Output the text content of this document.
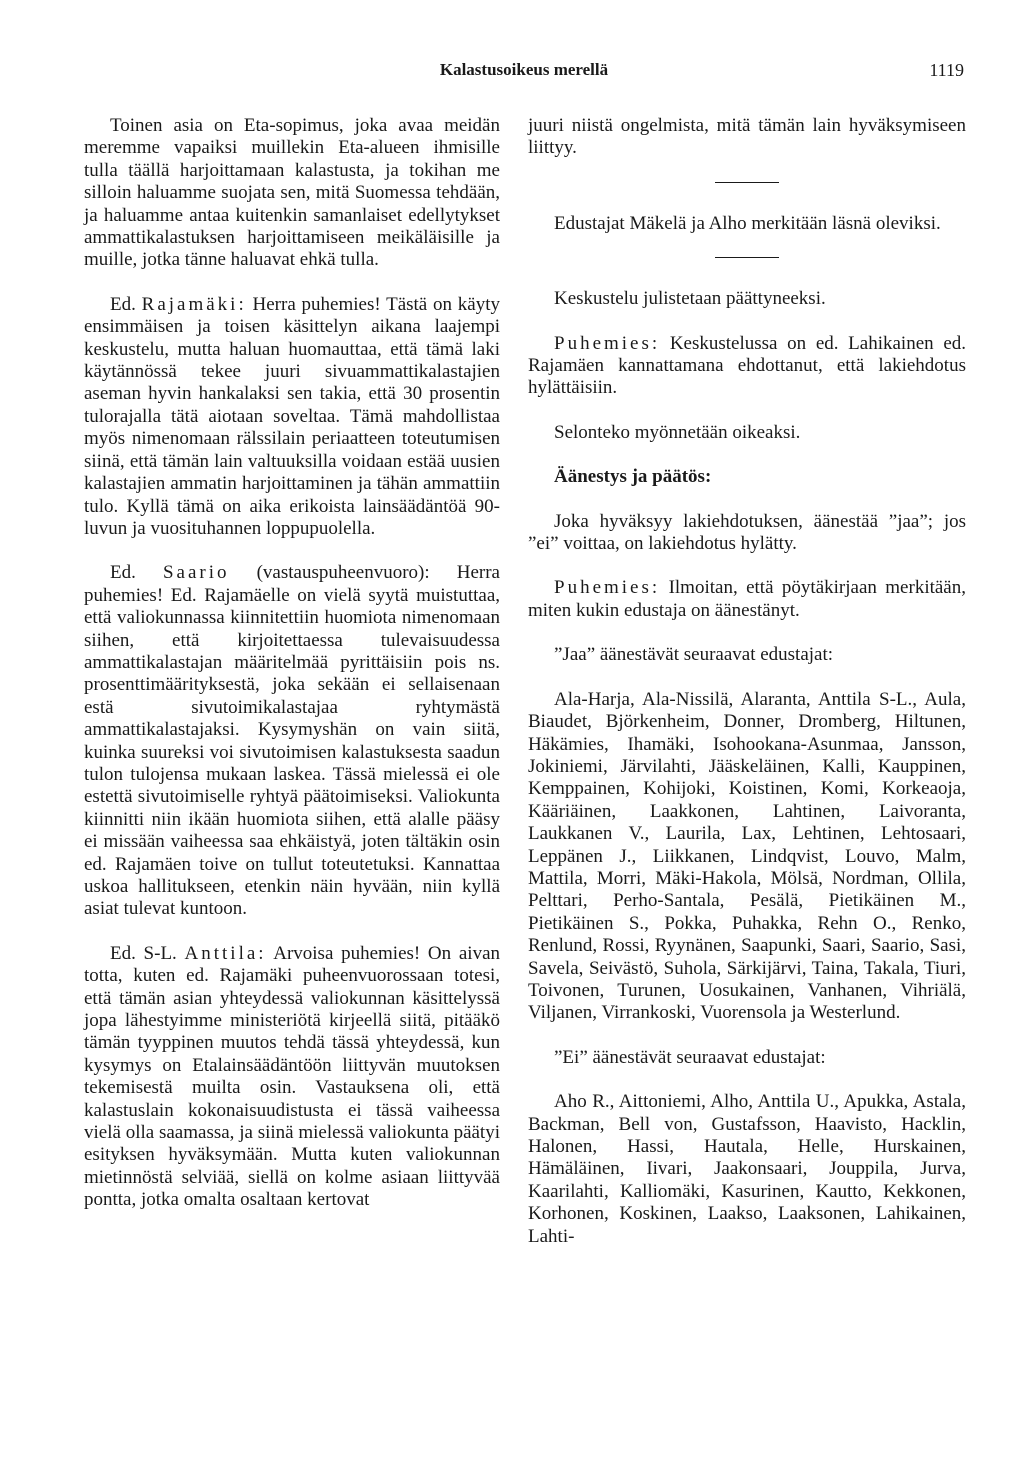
Kalastusoikeus merellä	1119

Toinen asia on Eta-sopimus, joka avaa meidän meremme vapaiksi muillekin Eta-alueen ihmisille tulla täällä harjoittamaan kalastusta, ja tokihan me silloin haluamme suojata sen, mitä Suomessa tehdään, ja haluamme antaa kuitenkin samanlaiset edellytykset ammattikalastuksen harjoittamiseen meikäläisille ja muille, jotka tänne haluavat ehkä tulla.

Ed. Rajamäki: Herra puhemies! Tästä on käyty ensimmäisen ja toisen käsittelyn aikana laajempi keskustelu, mutta haluan huomauttaa, että tämä laki käytännössä tekee juuri sivuammattikalastajien aseman hyvin hankalaksi sen takia, että 30 prosentin tulorajalla tätä aiotaan soveltaa. Tämä mahdollistaa myös nimenomaan rälssilain periaatteen toteutumisen siinä, että tämän lain valtuuksilla voidaan estää uusien kalastajien ammatin harjoittaminen ja tähän ammattiin tulo. Kyllä tämä on aika erikoista lainsäädäntöä 90-luvun ja vuosituhannen loppupuolella.

Ed. Saario (vastauspuheenvuoro): Herra puhemies! Ed. Rajamäelle on vielä syytä muistuttaa, että valiokunnassa kiinnitettiin huomiota nimenomaan siihen, että kirjoitettaessa tulevaisuudessa ammattikalastajan määritelmää pyrittäisiin pois ns. prosenttimäärityksestä, joka sekään ei sellaisenaan estä sivutoimikalastajaa ryhtymästä ammattikalastajaksi. Kysymyshän on vain siitä, kuinka suureksi voi sivutoimisen kalastuksesta saadun tulon tulojensa mukaan laskea. Tässä mielessä ei ole estettä sivutoimiselle ryhtyä päätoimiseksi. Valiokunta kiinnitti niin ikään huomiota siihen, että alalle pääsy ei missään vaiheessa saa ehkäistyä, joten tältäkin osin ed. Rajamäen toive on tullut toteutetuksi. Kannattaa uskoa hallitukseen, etenkin näin hyvään, niin kyllä asiat tulevat kuntoon.

Ed. S-L. Anttila: Arvoisa puhemies! On aivan totta, kuten ed. Rajamäki puheenvuorossaan totesi, että tämän asian yhteydessä valiokunnan käsittelyssä jopa lähestyimme ministeriötä kirjeellä siitä, pitääkö tämän tyyppinen muutos tehdä tässä yhteydessä, kun kysymys on Etalainsäädäntöön liittyvän muutoksen tekemisestä muilta osin. Vastauksena oli, että kalastuslain kokonaisuudistusta ei tässä vaiheessa vielä olla saamassa, ja siinä mielessä valiokunta päätyi esityksen hyväksymään. Mutta kuten valiokunnan mietinnöstä selviää, siellä on kolme asiaan liittyvää pontta, jotka omalta osaltaan kertovat

juuri niistä ongelmista, mitä tämän lain hyväksymiseen liittyy.

Edustajat Mäkelä ja Alho merkitään läsnä oleviksi.

Keskustelu julistetaan päättyneeksi.

Puhemies: Keskustelussa on ed. Lahikainen ed. Rajamäen kannattamana ehdottanut, että lakiehdotus hylättäisiin.

Selonteko myönnetään oikeaksi.

Äänestys ja päätös:

Joka hyväksyy lakiehdotuksen, äänestää ”jaa”; jos ”ei” voittaa, on lakiehdotus hylätty.

Puhemies: Ilmoitan, että pöytäkirjaan merkitään, miten kukin edustaja on äänestänyt.

”Jaa” äänestävät seuraavat edustajat:

Ala-Harja, Ala-Nissilä, Alaranta, Anttila S-L., Aula, Biaudet, Björkenheim, Donner, Dromberg, Hiltunen, Häkämies, Ihamäki, Isohookana-Asunmaa, Jansson, Jokiniemi, Järvilahti, Jääskeläinen, Kalli, Kauppinen, Kemppainen, Kohijoki, Koistinen, Komi, Korkeaoja, Kääriäinen, Laakkonen, Lahtinen, Laivoranta, Laukkanen V., Laurila, Lax, Lehtinen, Lehtosaari, Leppänen J., Liikkanen, Lindqvist, Louvo, Malm, Mattila, Morri, Mäki-Hakola, Mölsä, Nordman, Ollila, Pelttari, Perho-Santala, Pesälä, Pietikäinen M., Pietikäinen S., Pokka, Puhakka, Rehn O., Renko, Renlund, Rossi, Ryynänen, Saapunki, Saari, Saario, Sasi, Savela, Seivästö, Suhola, Särkijärvi, Taina, Takala, Tiuri, Toivonen, Turunen, Uosukainen, Vanhanen, Vihriälä, Viljanen, Virrankoski, Vuorensola ja Westerlund.

”Ei” äänestävät seuraavat edustajat:

Aho R., Aittoniemi, Alho, Anttila U., Apukka, Astala, Backman, Bell von, Gustafsson, Haavisto, Hacklin, Halonen, Hassi, Hautala, Helle, Hurskainen, Hämäläinen, Iivari, Jaakonsaari, Jouppila, Jurva, Kaarilahti, Kalliomäki, Kasurinen, Kautto, Kekkonen, Korhonen, Koskinen, Laakso, Laaksonen, Lahikainen, Lahti-
